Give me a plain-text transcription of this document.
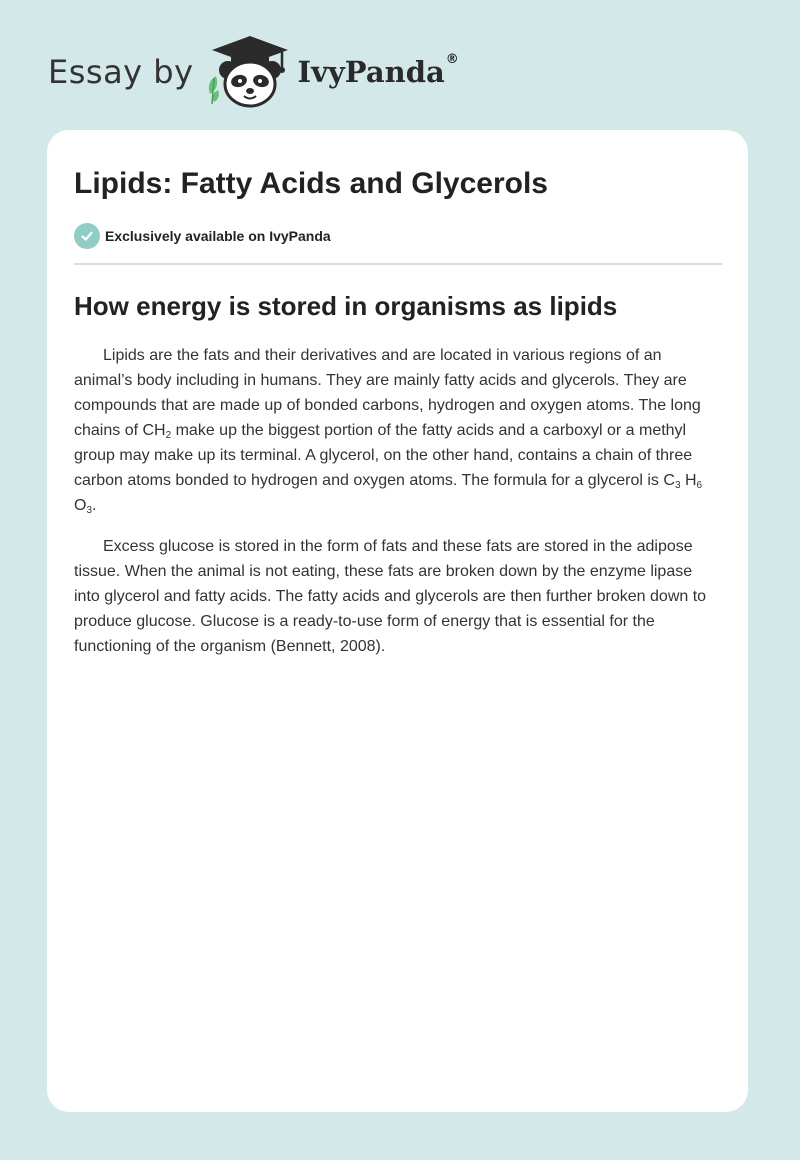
Essay by	IvyPanda ®
Lipids: Fatty Acids and Glycerols
Exclusively available on IvyPanda
How energy is stored in organisms as lipids

Lipids are the fats and their derivatives and are located in various regions of an animal’s body including in humans. They are mainly fatty acids and glycerols. They are compounds that are made up of bonded carbons, hydrogen and oxygen atoms. The long chains of $CH_2$ make up the biggest portion of the fatty acids and a carboxyl or a methyl group may make up its terminal. A glycerol, on the other hand, contains a chain of three carbon atoms bonded to hydrogen and oxygen atoms. The formula for a glycerol is $C_3$ $H_6$ $O_3$.

Excess glucose is stored in the form of fats and these fats are stored in the adipose tissue. When the animal is not eating, these fats are broken down by the enzyme lipase into glycerol and fatty acids. The fatty acids and glycerols are then further broken down to produce glucose. Glucose is a ready-to-use form of energy that is essential for the functioning of the organism (Bennett, 2008).
